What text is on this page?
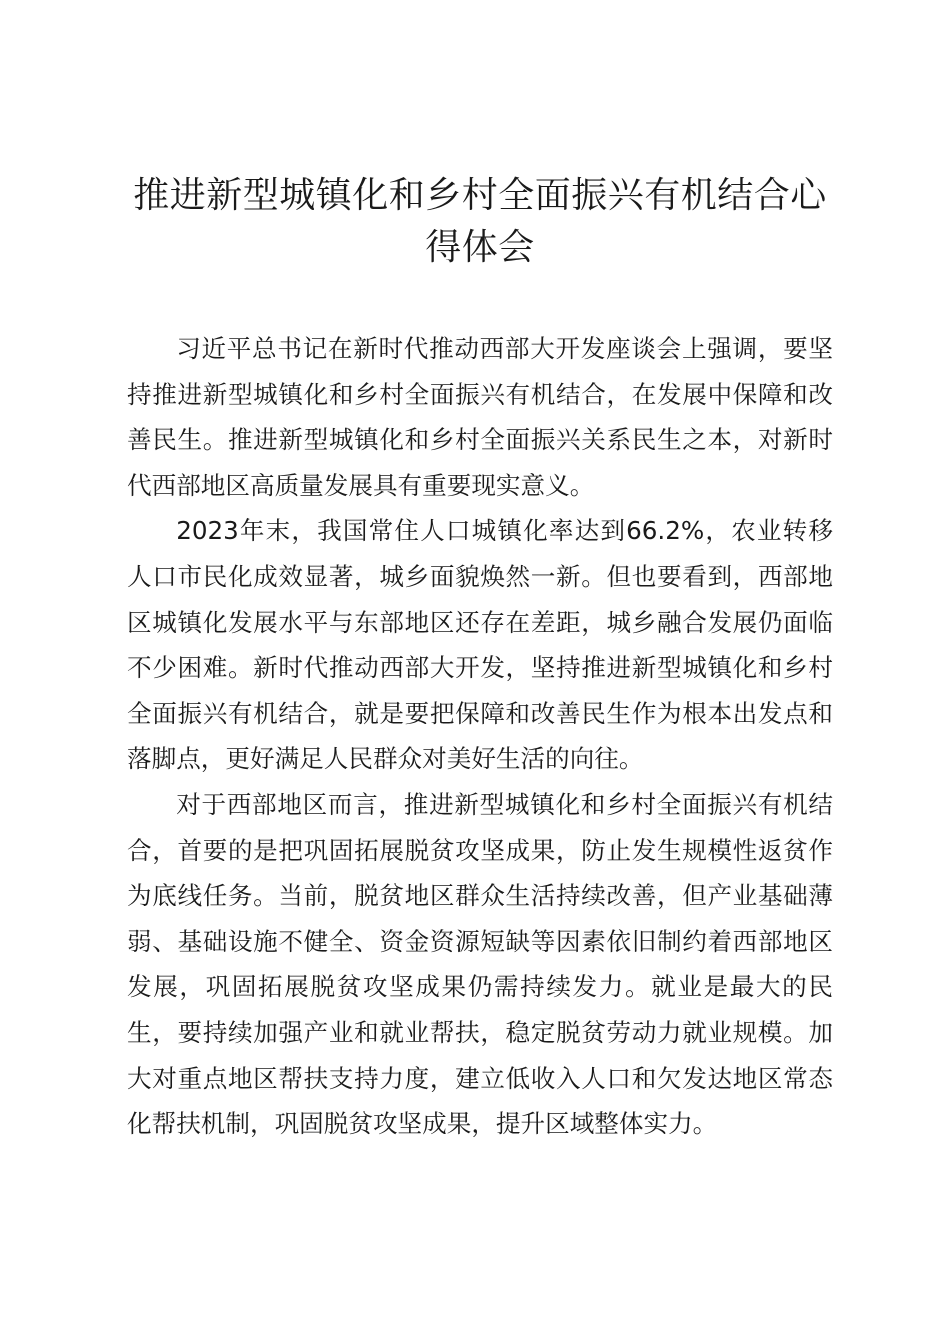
推进新型城镇化和乡村全面振兴有机结合心得体会

习近平总书记在新时代推动西部大开发座谈会上强调，要坚持推进新型城镇化和乡村全面振兴有机结合，在发展中保障和改善民生。推进新型城镇化和乡村全面振兴关系民生之本，对新时代西部地区高质量发展具有重要现实意义。

2023年末，我国常住人口城镇化率达到66.2%，农业转移人口市民化成效显著，城乡面貌焕然一新。但也要看到，西部地区城镇化发展水平与东部地区还存在差距，城乡融合发展仍面临不少困难。新时代推动西部大开发，坚持推进新型城镇化和乡村全面振兴有机结合，就是要把保障和改善民生作为根本出发点和落脚点，更好满足人民群众对美好生活的向往。

对于西部地区而言，推进新型城镇化和乡村全面振兴有机结合，首要的是把巩固拓展脱贫攻坚成果，防止发生规模性返贫作为底线任务。当前，脱贫地区群众生活持续改善，但产业基础薄弱、基础设施不健全、资金资源短缺等因素依旧制约着西部地区发展，巩固拓展脱贫攻坚成果仍需持续发力。就业是最大的民生，要持续加强产业和就业帮扶，稳定脱贫劳动力就业规模。加大对重点地区帮扶支持力度，建立低收入人口和欠发达地区常态化帮扶机制，巩固脱贫攻坚成果，提升区域整体实力。
